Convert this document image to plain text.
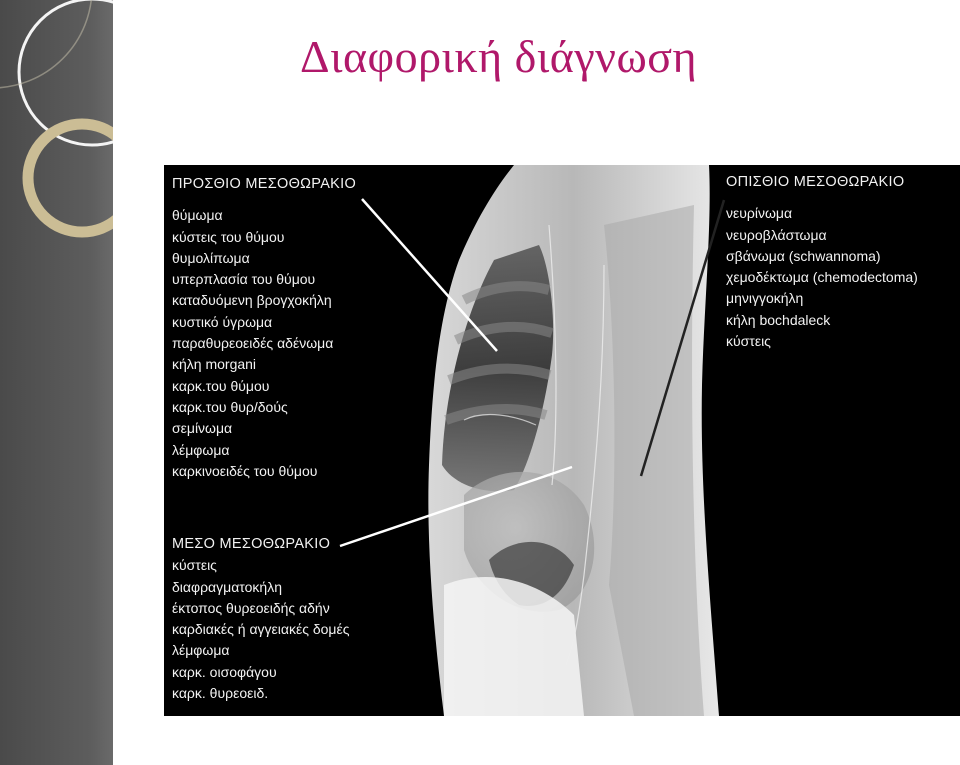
Διαφορική διάγνωση
ΠΡΟΣΘΙΟ ΜΕΣΟΘΩΡΑΚΙΟ
θύμωμα
κύστεις του θύμου
θυμολίπωμα
υπερπλασία του θύμου
καταδυόμενη βρογχοκήλη
κυστικό ύγρωμα
παραθυρεοειδές αδένωμα
κήλη morgani
καρκ.του θύμου
καρκ.του θυρ/δούς
σεμίνωμα
λέμφωμα
καρκινοειδές του θύμου
ΜΕΣΟ ΜΕΣΟΘΩΡΑΚΙΟ
κύστεις
διαφραγματοκήλη
έκτοπος θυρεοειδής αδήν
καρδιακές ή αγγειακές δομές
λέμφωμα
καρκ. οισοφάγου
καρκ. θυρεοειδ.
ΟΠΙΣΘΙΟ ΜΕΣΟΘΩΡΑΚΙΟ
νευρίνωμα
νευροβλάστωμα
σβάνωμα (schwannoma)
χεμοδέκτωμα (chemodectoma)
μηνιγγοκήλη
κήλη bochdaleck
κύστεις
